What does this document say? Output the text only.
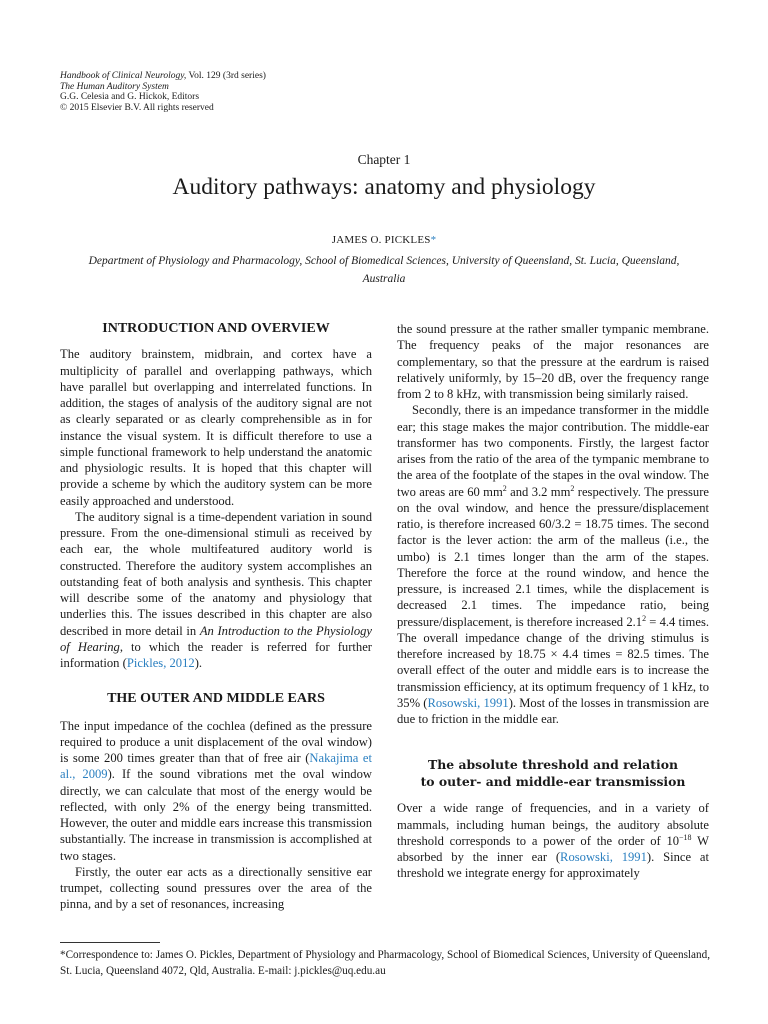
Handbook of Clinical Neurology, Vol. 129 (3rd series)
The Human Auditory System
G.G. Celesia and G. Hickok, Editors
© 2015 Elsevier B.V. All rights reserved
Chapter 1
Auditory pathways: anatomy and physiology
JAMES O. PICKLES*
Department of Physiology and Pharmacology, School of Biomedical Sciences, University of Queensland, St. Lucia, Queensland, Australia
INTRODUCTION AND OVERVIEW

The auditory brainstem, midbrain, and cortex have a multiplicity of parallel and overlapping pathways, which have parallel but overlapping and interrelated functions. In addition, the stages of analysis of the auditory signal are not as clearly separated or as clearly comprehensible as in for instance the visual system. It is difficult therefore to use a simple functional framework to help understand the anatomic and physiologic results. It is hoped that this chapter will provide a scheme by which the auditory system can be more easily approached and understood.

The auditory signal is a time-dependent variation in sound pressure. From the one-dimensional stimuli as received by each ear, the whole multifeatured auditory world is constructed. Therefore the auditory system accomplishes an outstanding feat of both analysis and synthesis. This chapter will describe some of the anatomy and physiology that underlies this. The issues described in this chapter are also described in more detail in An Introduction to the Physiology of Hearing, to which the reader is referred for further information (Pickles, 2012).

THE OUTER AND MIDDLE EARS

The input impedance of the cochlea (defined as the pressure required to produce a unit displacement of the oval window) is some 200 times greater than that of free air (Nakajima et al., 2009). If the sound vibrations met the oval window directly, we can calculate that most of the energy would be reflected, with only 2% of the energy being transmitted. However, the outer and middle ears increase this transmission substantially. The increase in transmission is accomplished at two stages.

Firstly, the outer ear acts as a directionally sensitive ear trumpet, collecting sound pressures over the area of the pinna, and by a set of resonances, increasing

the sound pressure at the rather smaller tympanic membrane. The frequency peaks of the major resonances are complementary, so that the pressure at the eardrum is raised relatively uniformly, by 15–20 dB, over the frequency range from 2 to 8 kHz, with transmission being similarly raised.

Secondly, there is an impedance transformer in the middle ear; this stage makes the major contribution. The middle-ear transformer has two components. Firstly, the largest factor arises from the ratio of the area of the tympanic membrane to the area of the footplate of the stapes in the oval window. The two areas are 60 $mm^2$ and 3.2 $mm^2$ respectively. The pressure on the oval window, and hence the pressure/displacement ratio, is therefore increased 60/3.2 = 18.75 times. The second factor is the lever action: the arm of the malleus (i.e., the umbo) is 2.1 times longer than the arm of the stapes. Therefore the force at the round window, and hence the pressure, is increased 2.1 times, while the displacement is decreased 2.1 times. The impedance ratio, being pressure/displacement, is therefore increased $2.1^2 = 4.4$ times. The overall impedance change of the driving stimulus is therefore increased by 18.75 × 4.4 times = 82.5 times. The overall effect of the outer and middle ears is to increase the transmission efficiency, at its optimum frequency of 1 kHz, to 35% (Rosowski, 1991). Most of the losses in transmission are due to friction in the middle ear.

The absolute threshold and relation
to outer- and middle-ear transmission

Over a wide range of frequencies, and in a variety of mammals, including human beings, the auditory absolute threshold corresponds to a power of the order of $10^{-18}$ W absorbed by the inner ear (Rosowski, 1991). Since at threshold we integrate energy for approximately

*Correspondence to: James O. Pickles, Department of Physiology and Pharmacology, School of Biomedical Sciences, University of Queensland, St. Lucia, Queensland 4072, Qld, Australia. E-mail: j.pickles@uq.edu.au
